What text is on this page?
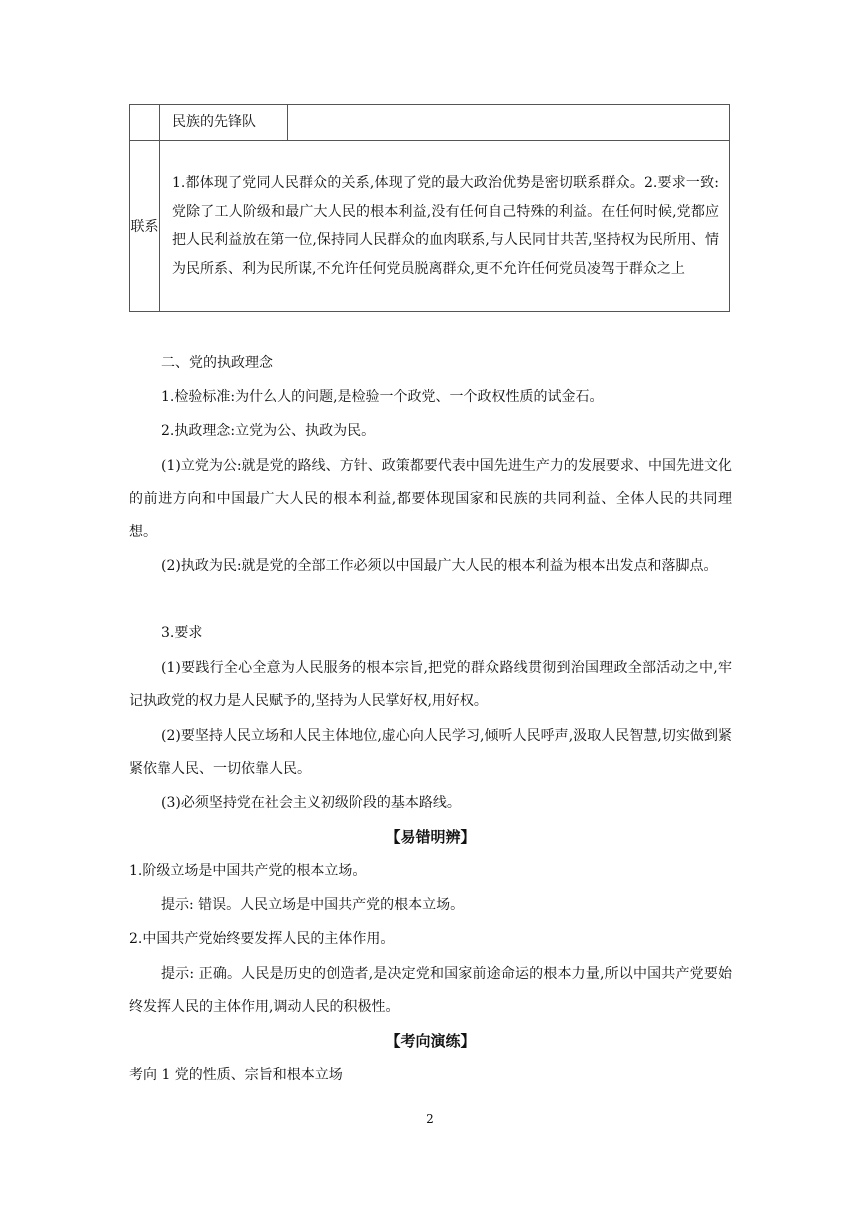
	民族的先锋队	

联系	1.都体现了党同人民群众的关系,体现了党的最大政治优势是密切联系群众。2.要求一致:党除了工人阶级和最广大人民的根本利益,没有任何自己特殊的利益。在任何时候,党都应把人民利益放在第一位,保持同人民群众的血肉联系,与人民同甘共苦,坚持权为民所用、情为民所系、利为民所谋,不允许任何党员脱离群众,更不允许任何党员凌驾于群众之上	
二、党的执政理念
1.检验标准:为什么人的问题,是检验一个政党、一个政权性质的试金石。
2.执政理念:立党为公、执政为民。
(1)立党为公:就是党的路线、方针、政策都要代表中国先进生产力的发展要求、中国先进文化的前进方向和中国最广大人民的根本利益,都要体现国家和民族的共同利益、全体人民的共同理想。
(2)执政为民:就是党的全部工作必须以中国最广大人民的根本利益为根本出发点和落脚点。
3.要求
(1)要践行全心全意为人民服务的根本宗旨,把党的群众路线贯彻到治国理政全部活动之中,牢记执政党的权力是人民赋予的,坚持为人民掌好权,用好权。
(2)要坚持人民立场和人民主体地位,虚心向人民学习,倾听人民呼声,汲取人民智慧,切实做到紧紧依靠人民、一切依靠人民。
(3)必须坚持党在社会主义初级阶段的基本路线。
【易错明辨】
1.阶级立场是中国共产党的根本立场。
提示: 错误。人民立场是中国共产党的根本立场。
2.中国共产党始终要发挥人民的主体作用。
提示: 正确。人民是历史的创造者,是决定党和国家前途命运的根本力量,所以中国共产党要始终发挥人民的主体作用,调动人民的积极性。
【考向演练】
考向 1 党的性质、宗旨和根本立场
2
